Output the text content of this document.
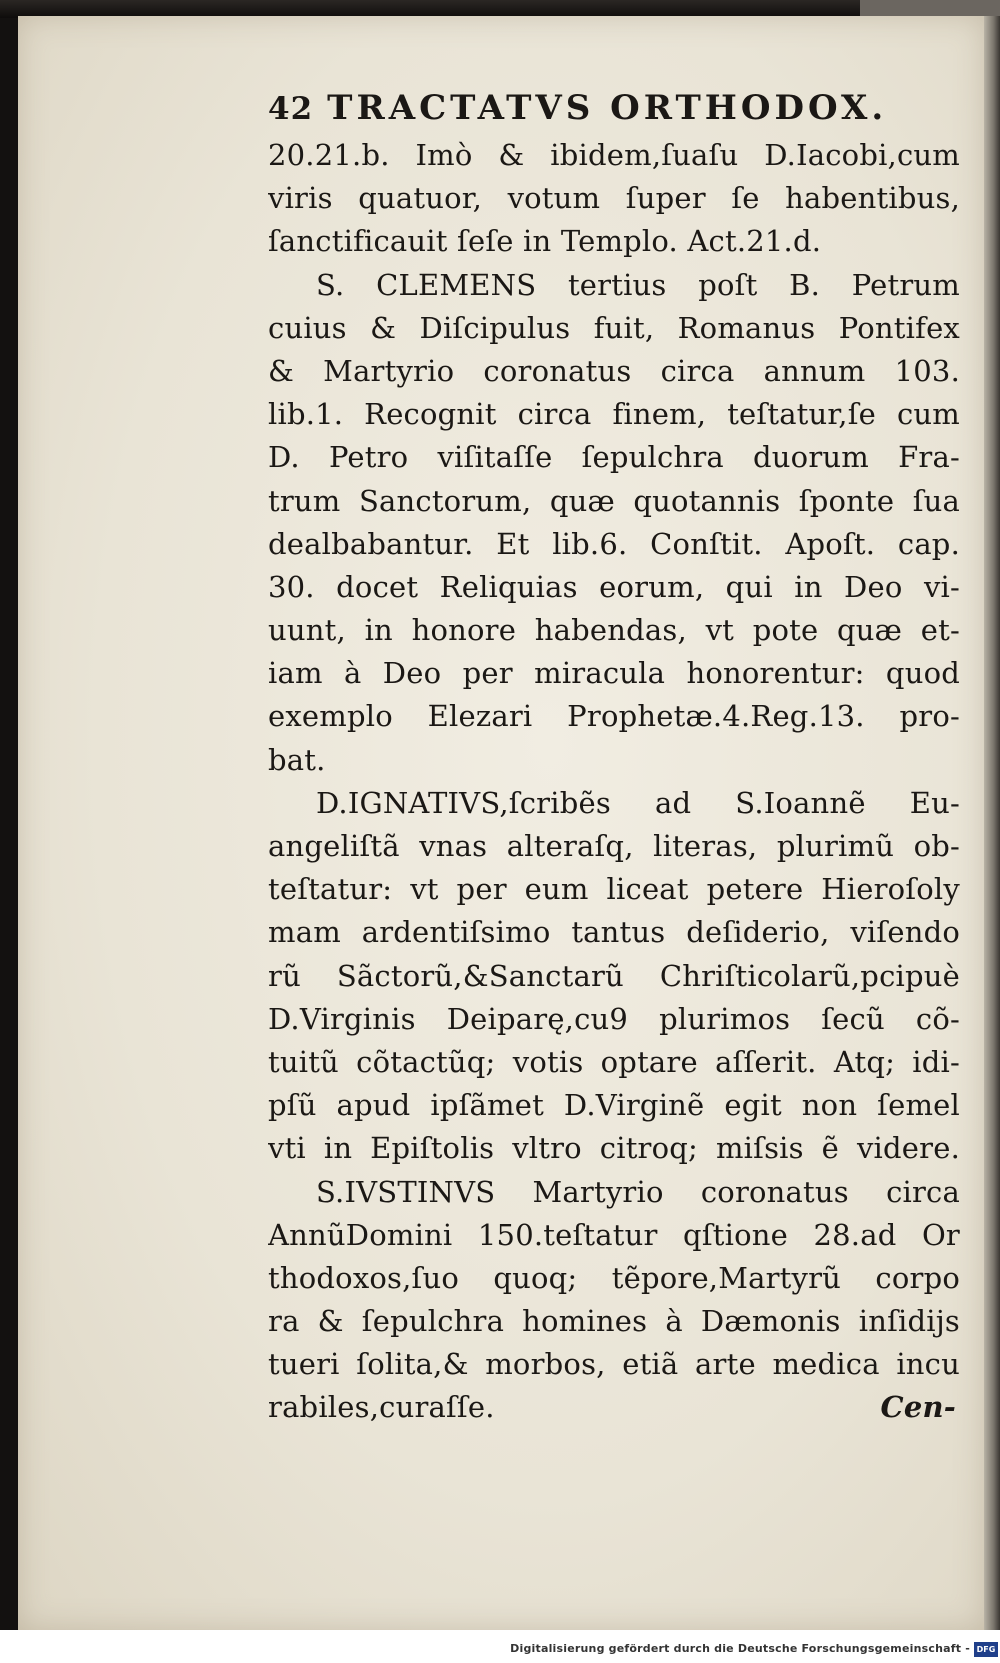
42 TRACTATVS ORTHODOX.
20.21.b. Imò & ibidem,ſuaſu D.Iacobi,cum
viris quatuor, votum ſuper ſe habentibus,
ſanctificauit ſeſe in Templo. Act.21.d.
S. CLEMENS tertius poſt B. Petrum
cuius & Diſcipulus fuit, Romanus Pontifex
& Martyrio coronatus circa annum 103.
lib.1. Recognit circa finem, teſtatur,ſe cum
D. Petro viſitaſſe ſepulchra duorum Fra-
trum Sanctorum, quæ quotannis ſponte ſua
dealbabantur. Et lib.6. Conſtit. Apoſt. cap.
30. docet Reliquias eorum, qui in Deo vi-
uunt, in honore habendas, vt pote quæ et-
iam à Deo per miracula honorentur: quod
exemplo Elezari Prophetæ.4.Reg.13. pro-
bat.
D.IGNATIVS,ſcribẽs ad S.Ioannẽ Eu-
angeliſtã vnas alteraſq, literas, plurimũ ob-
teſtatur: vt per eum liceat petere Hieroſoly
mam ardentiſsimo tantus deſiderio, viſendo
rũ Sãctorũ,&Sanctarũ Chriſticolarũ,pcipuè
D.Virginis Deiparę,cu9 plurimos ſecũ cõ-
tuitũ cõtactũq; votis optare aſſerit. Atq; idi-
pſũ apud ipſãmet D.Virginẽ egit non ſemel
vti in Epiſtolis vltro citroq; miſsis ẽ videre.
S.IVSTINVS Martyrio coronatus circa
AnnũDomini 150.teſtatur qſtione 28.ad Or
thodoxos,ſuo quoq; tẽpore,Martyrũ corpo
ra & ſepulchra homines à Dæmonis inſidijs
tueri ſolita,& morbos, etiã arte medica incu
rabiles,curaſſe.	Cen-
Digitalisierung gefördert durch die Deutsche Forschungsgemeinschaft - DFG
